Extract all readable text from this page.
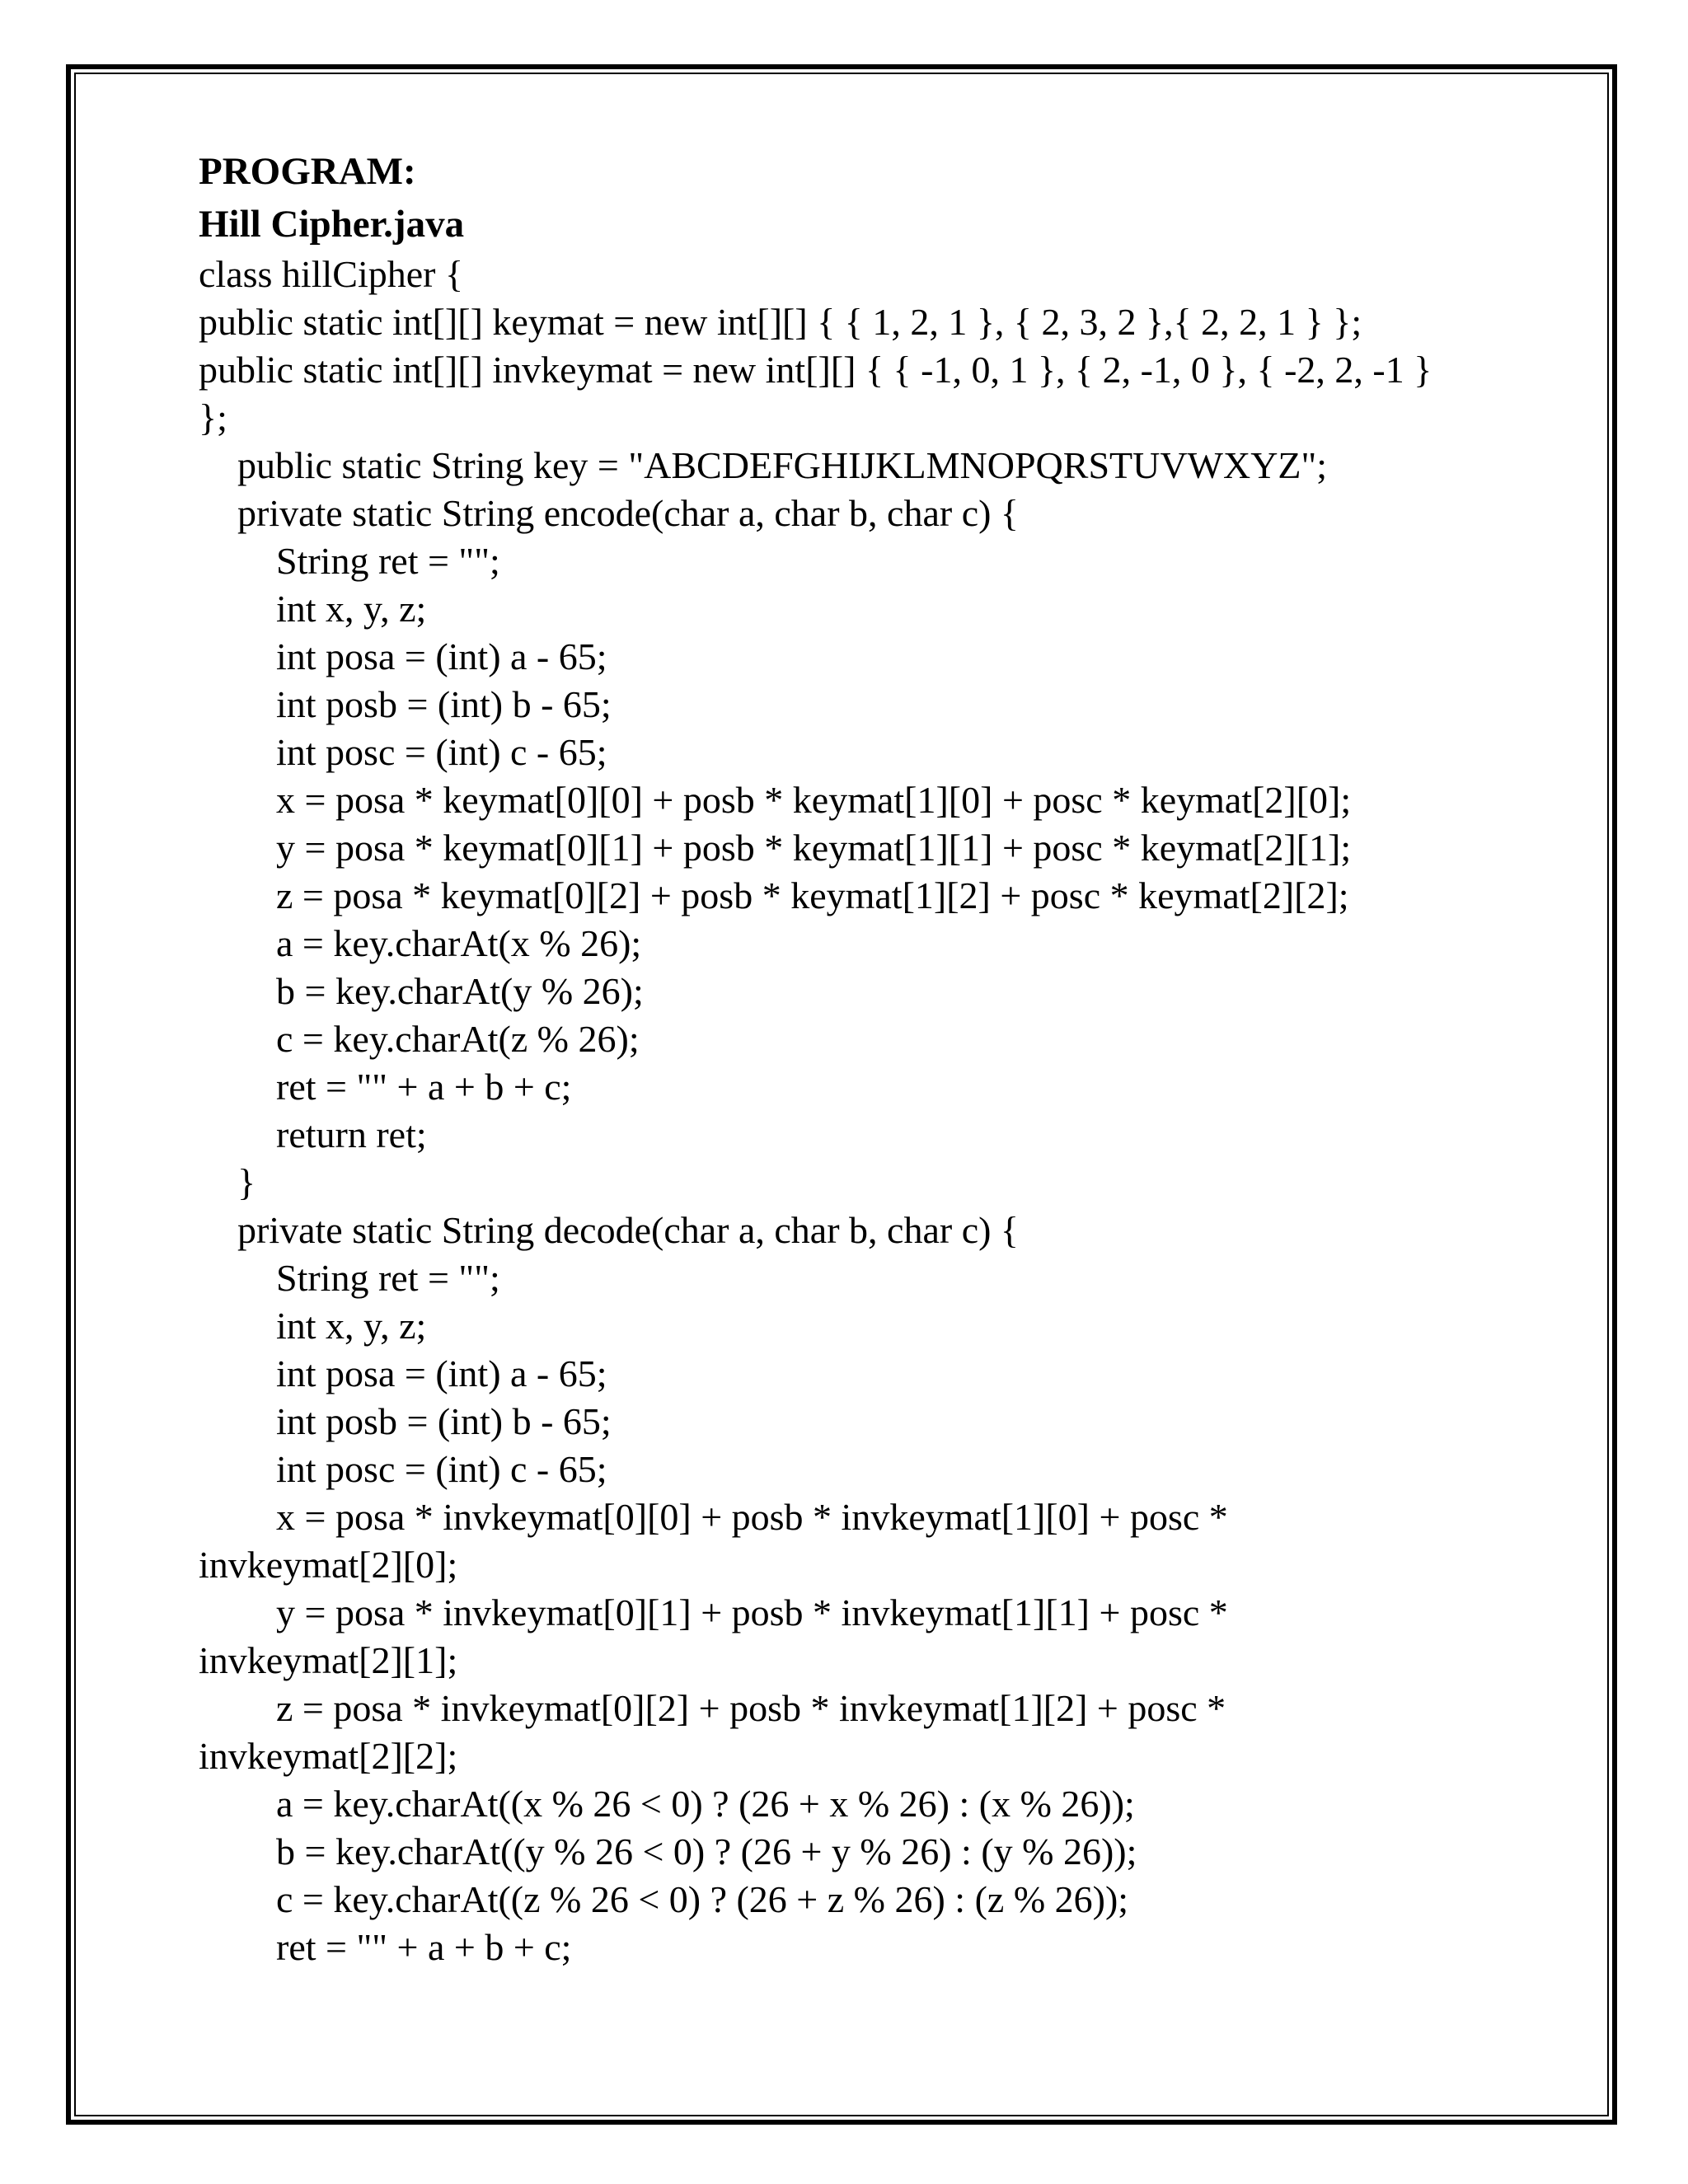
PROGRAM:
Hill Cipher.java
class hillCipher {
public static int[][] keymat = new int[][] { { 1, 2, 1 }, { 2, 3, 2 },{ 2, 2, 1 } };
public static int[][] invkeymat = new int[][] { { -1, 0, 1 }, { 2, -1, 0 }, { -2, 2, -1 }
};
public static String key = "ABCDEFGHIJKLMNOPQRSTUVWXYZ";
private static String encode(char a, char b, char c) {
String ret = "";
int x, y, z;
int posa = (int) a - 65;
int posb = (int) b - 65;
int posc = (int) c - 65;
x = posa * keymat[0][0] + posb * keymat[1][0] + posc * keymat[2][0];
y = posa * keymat[0][1] + posb * keymat[1][1] + posc * keymat[2][1];
z = posa * keymat[0][2] + posb * keymat[1][2] + posc * keymat[2][2];
a = key.charAt(x % 26);
b = key.charAt(y % 26);
c = key.charAt(z % 26);
ret = "" + a + b + c;
return ret;
}
private static String decode(char a, char b, char c) {
String ret = "";
int x, y, z;
int posa = (int) a - 65;
int posb = (int) b - 65;
int posc = (int) c - 65;
x = posa * invkeymat[0][0] + posb * invkeymat[1][0] + posc *
invkeymat[2][0];
y = posa * invkeymat[0][1] + posb * invkeymat[1][1] + posc *
invkeymat[2][1];
z = posa * invkeymat[0][2] + posb * invkeymat[1][2] + posc *
invkeymat[2][2];
a = key.charAt((x % 26 < 0) ? (26 + x % 26) : (x % 26));
b = key.charAt((y % 26 < 0) ? (26 + y % 26) : (y % 26));
c = key.charAt((z % 26 < 0) ? (26 + z % 26) : (z % 26));
ret = "" + a + b + c;
